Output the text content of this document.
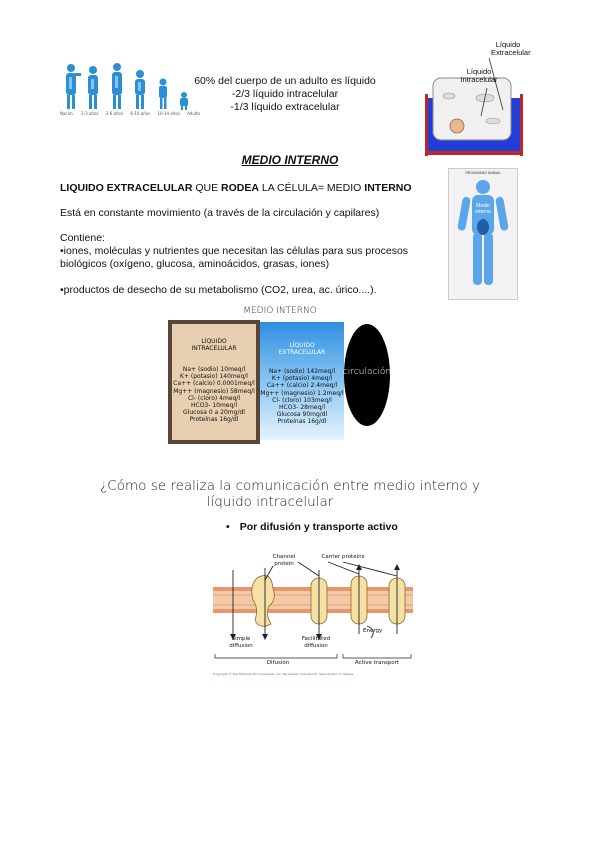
Nacim. 1-3 años 3-6 años 6-10 años 10-14 años Adulto
60% del cuerpo de un adulto es líquido
-2/3 líquido intracelular
-1/3 líquido extracelular
Líquido
Extracelular
Líquido
Intracelular
ORGANISMO ANIMAL
Medio
interno
MEDIO INTERNO
LIQUIDO EXTRACELULAR QUE RODEA LA CÉLULA= MEDIO INTERNO
Está en constante movimiento (a través de la circulación y capilares)
Contiene:
•iones, moléculas y nutrientes que necesitan las células para sus procesos
biológicos (oxígeno, glucosa, aminoácidos, grasas, iones)
•productos de desecho de su metabolismo (CO2, urea, ac. úrico....).
MEDIO INTERNO
LÍQUIDO
INTRACELULAR
Na+ (sodio) 10meq/l
K+ (potasio) 140meq/l
Ca++ (calcio) 0.0001meq/l
Mg++ (magnesio) 58meq/l
Cl- (cloro) 4meq/l
HCO3- 10meq/l
Glucosa 0 a 20mg/dl
Proteínas 16g/dl
LÍQUIDO
EXTRACELULAR
Na+ (sodio) 142meq/l
K+ (potasio) 4meq/l
Ca++ (calcio) 2.4meq/l
Mg++ (magnesio) 1.2meq/l
Cl- (cloro) 103meq/l
HCO3- 28meq/l
Glucosa 90mg/dl
Proteínas 16g/dl
circulación
¿Cómo se realiza la comunicación entre medio interno y
líquido intracelular
• Por difusión y transporte activo
Channel
protein
Carrier proteins
Simple
diffusion
Facilitated
diffusion
Energy
Difusión	Active transport
Copyright © The McGraw-Hill Companies, Inc. Permission required for reproduction or display.
